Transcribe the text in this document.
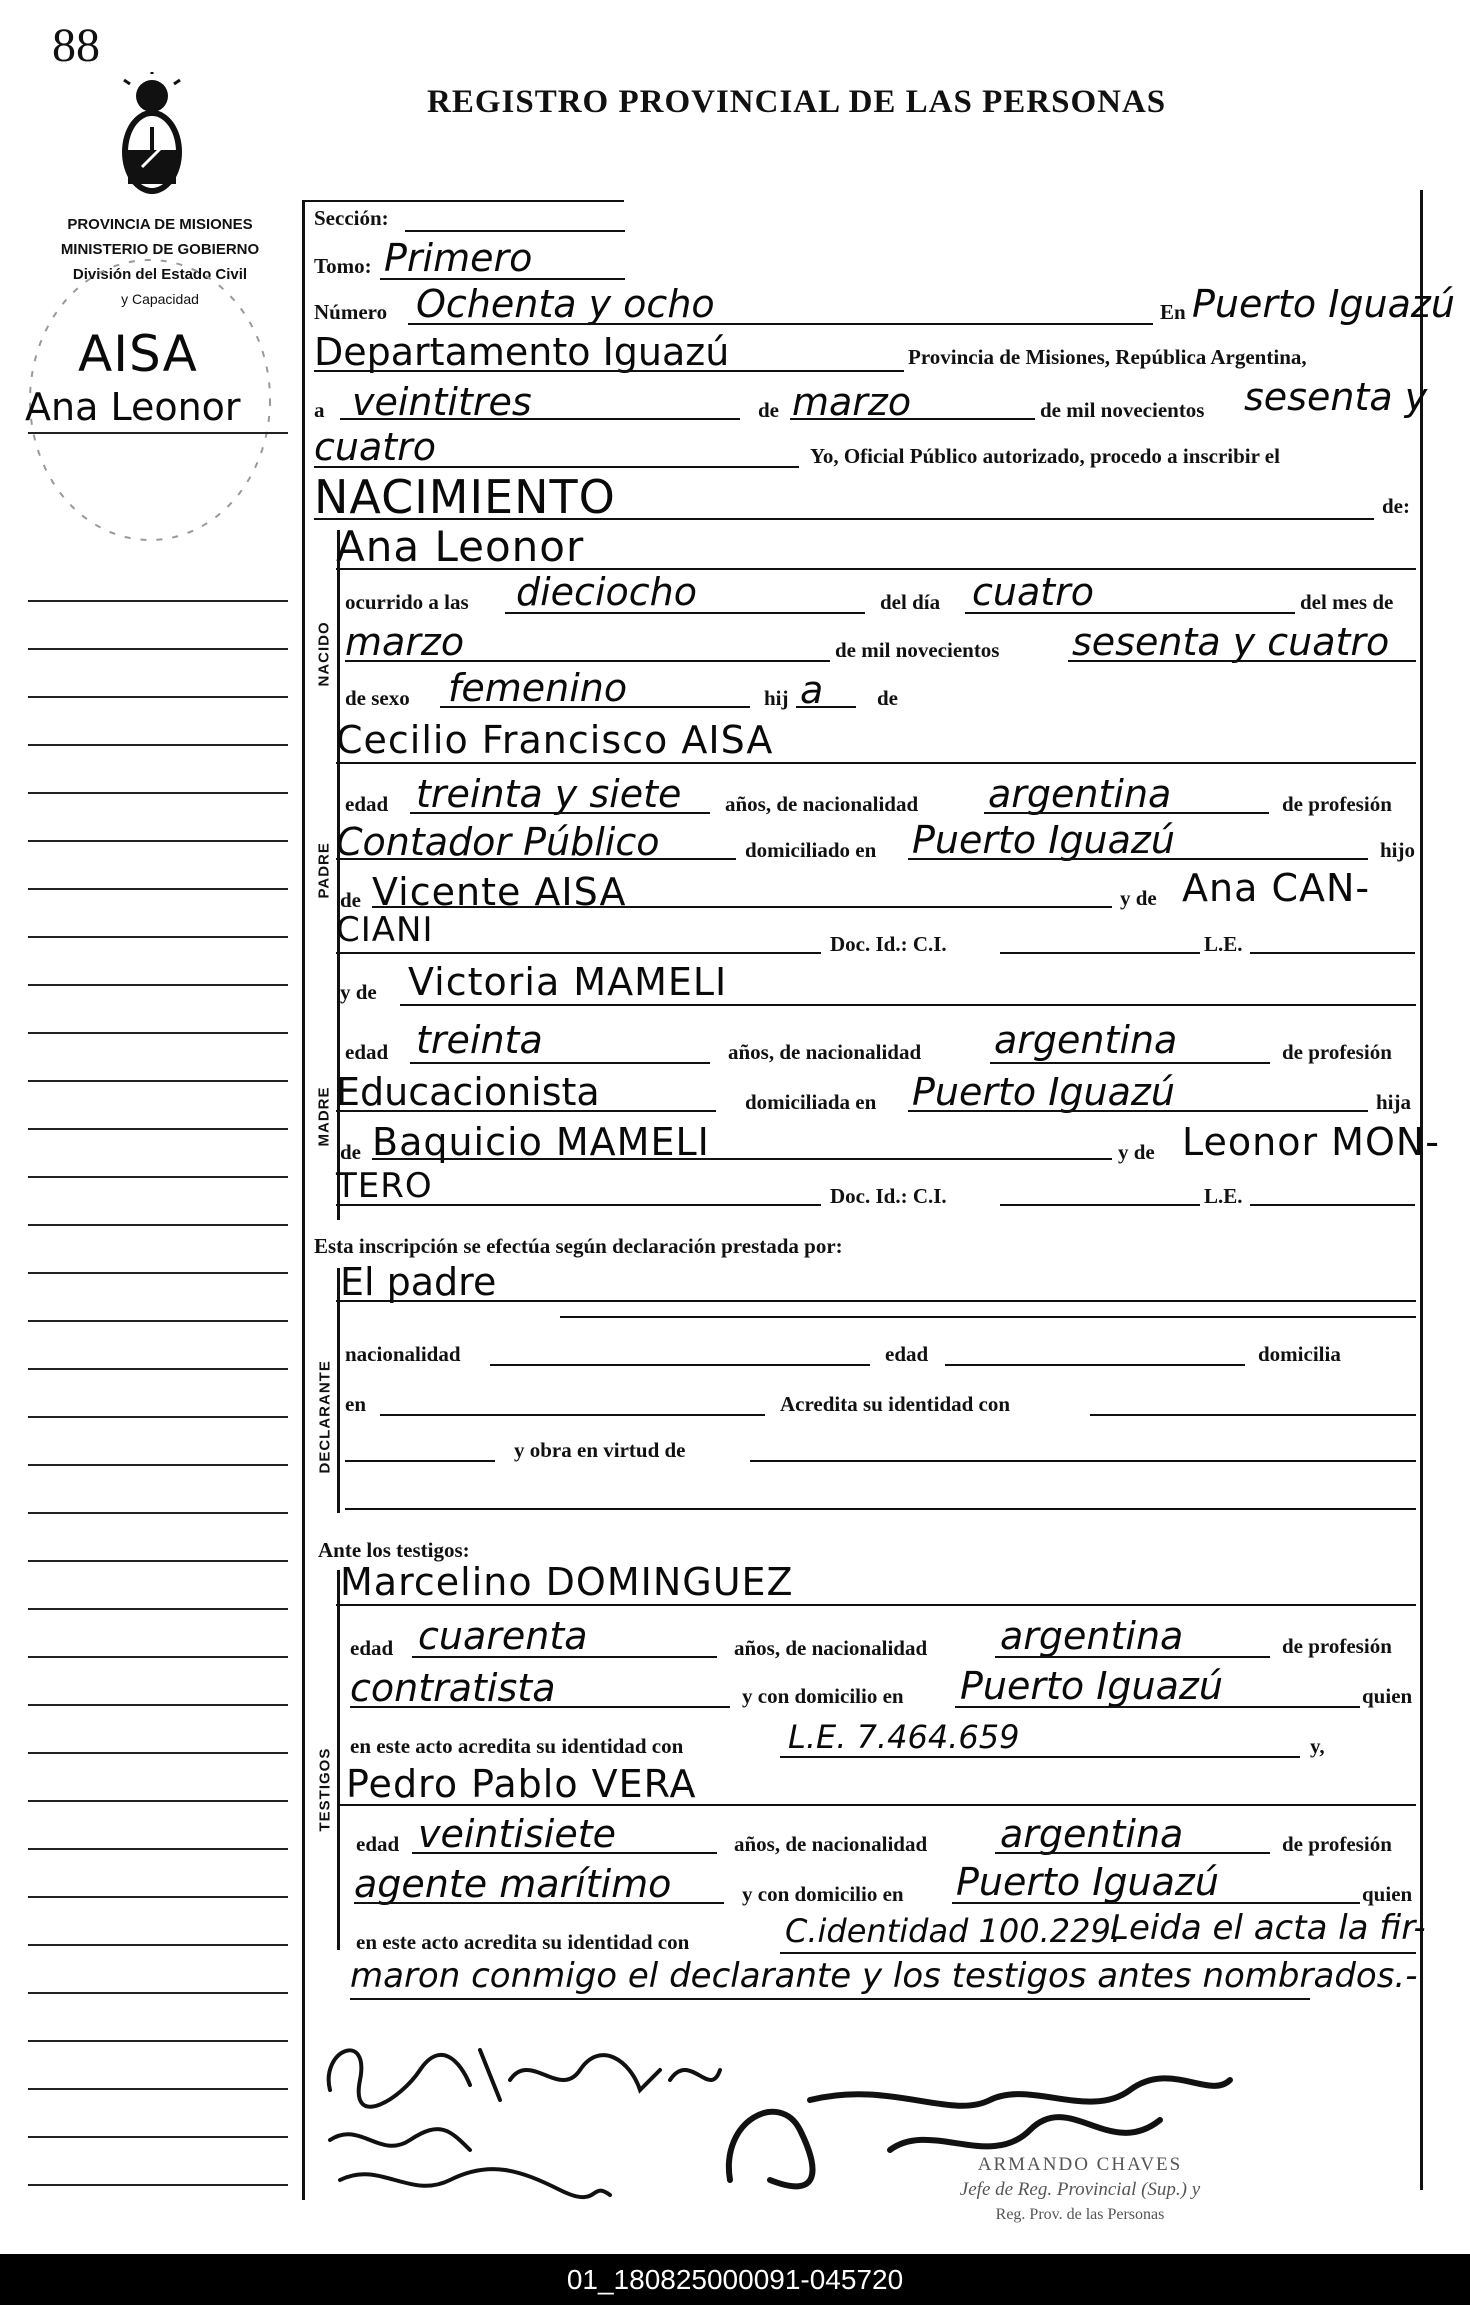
88
REGISTRO PROVINCIAL DE LAS PERSONAS
PROVINCIA DE MISIONES
MINISTERIO DE GOBIERNO
División del Estado Civil
y Capacidad
AISA
Ana Leonor
Sección:
Tomo: Primero
Número Ochenta y ocho	En Puerto Iguazú
Departamento Iguazú	Provincia de Misiones, República Argentina,
a veintitres	de marzo	de mil novecientos sesenta y
cuatro	Yo, Oficial Público autorizado, procedo a inscribir el
NACIMIENTO	de:
NACIDO
Ana Leonor
ocurrido a las dieciocho	del día cuatro	del mes de
marzo	de mil novecientos sesenta y cuatro
de sexo femenino	hij a	de
PADRE
Cecilio Francisco AISA
edad treinta y siete años, de nacionalidad argentina	de profesión
Contador Público	domiciliado en Puerto Iguazú	hijo
de Vicente AISA	y de Ana CAN-
CIANI	Doc. Id.: C.I.	L.E.
MADRE
y de Victoria MAMELI
edad treinta	años, de nacionalidad argentina	de profesión
Educacionista	domiciliada en Puerto Iguazú	hija
de Baquicio MAMELI	y de Leonor MON-
TERO	Doc. Id.: C.I.	L.E.
Esta inscripción se efectúa según declaración prestada por:
DECLARANTE
El padre
nacionalidad	edad	domicilia
en	Acredita su identidad con
y obra en virtud de
Ante los testigos:
TESTIGOS
Marcelino DOMINGUEZ
edad cuarenta	años, de nacionalidad argentina	de profesión
contratista	y con domicilio en Puerto Iguazú	quien
en este acto acredita su identidad con	L.E. 7.464.659	y,
Pedro Pablo VERA
edad veintisiete	años, de nacionalidad argentina	de profesión
agente marítimo	y con domicilio en Puerto Iguazú	quien
en este acto acredita su identidad con	C.identidad 100.229.
Leida el acta la fir-
maron conmigo el declarante y los testigos antes nombrados.-
ARMANDO CHAVES
Jefe de Reg. Provincial (Sup.) y
Reg. Prov. de las Personas
01_180825000091-045720
